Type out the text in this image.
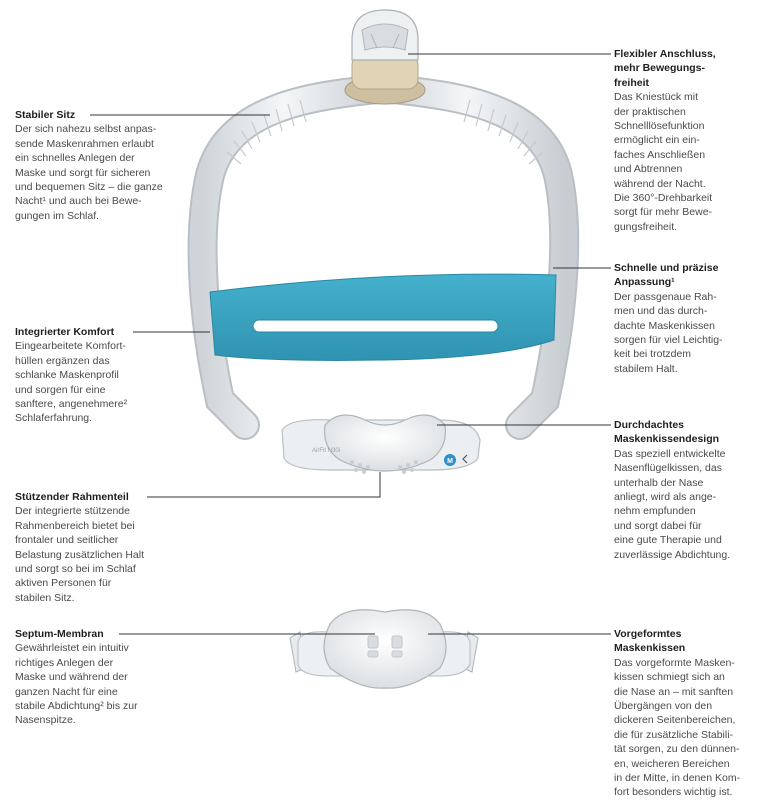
AirFit N30i
M
Stabiler Sitz

Der sich nahezu selbst anpas-
sende Maskenrahmen erlaubt
ein schnelles Anlegen der
Maske und sorgt für sicheren
und bequemen Sitz – die ganze
Nacht¹ und auch bei Bewe-
gungen im Schlaf.

Integrierter Komfort

Eingearbeitete Komfort-
hüllen ergänzen das
schlanke Maskenprofil
und sorgen für eine
sanftere, angenehmere²
Schlaferfahrung.

Stützender Rahmenteil

Der integrierte stützende
Rahmenbereich bietet bei
frontaler und seitlicher
Belastung zusätzlichen Halt
und sorgt so bei im Schlaf
aktiven Personen für
stabilen Sitz.

Septum-Membran

Gewährleistet ein intuitiv
richtiges Anlegen der
Maske und während der
ganzen Nacht für eine
stabile Abdichtung² bis zur
Nasenspitze.

Flexibler Anschluss,
mehr Bewegungs-
freiheit

Das Kniestück mit
der praktischen
Schnelllösefunktion
ermöglicht ein ein-
faches Anschließen
und Abtrennen
während der Nacht.
Die 360°-Drehbarkeit
sorgt für mehr Bewe-
gungsfreiheit.

Schnelle und präzise
Anpassung¹

Der passgenaue Rah-
men und das durch-
dachte Maskenkissen
sorgen für viel Leichtig-
keit bei trotzdem
stabilem Halt.

Durchdachtes
Maskenkissendesign

Das speziell entwickelte
Nasenflügelkissen, das
unterhalb der Nase
anliegt, wird als ange-
nehm empfunden
und sorgt dabei für
eine gute Therapie und
zuverlässige Abdichtung.

Vorgeformtes
Maskenkissen

Das vorgeformte Masken-
kissen schmiegt sich an
die Nase an – mit sanften
Übergängen von den
dickeren Seitenbereichen,
die für zusätzliche Stabili-
tät sorgen, zu den dünnen-
en, weicheren Bereichen
in der Mitte, in denen Kom-
fort besonders wichtig ist.
